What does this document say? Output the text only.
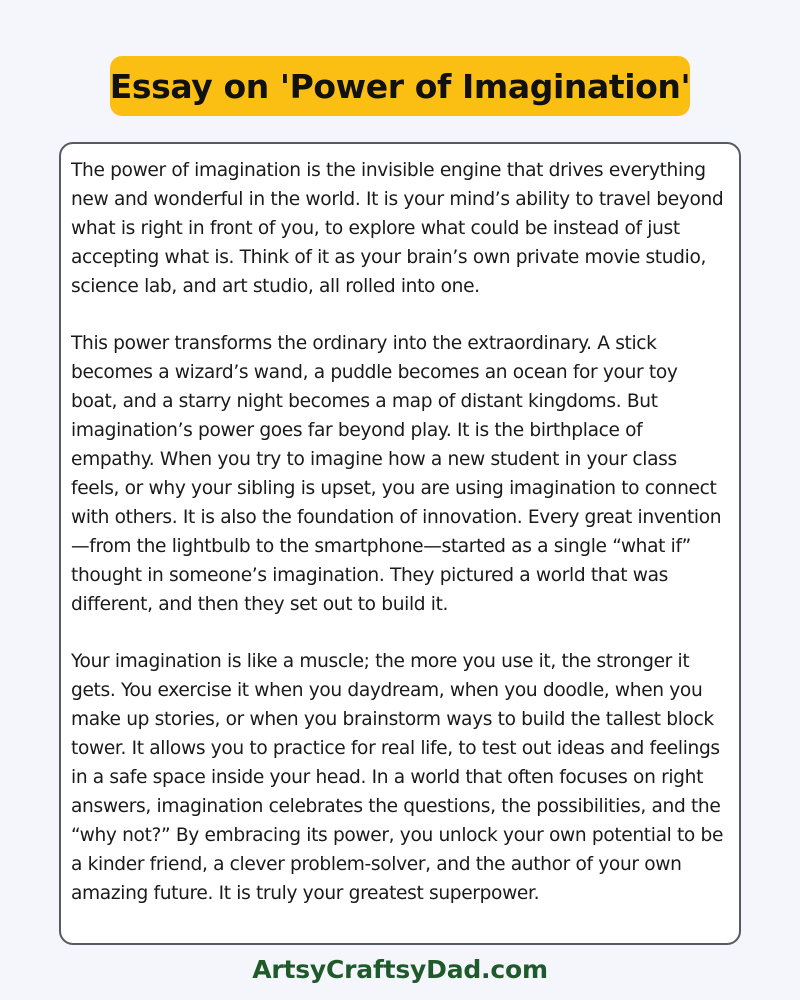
Essay on 'Power of Imagination'

The power of imagination is the invisible engine that drives everything new and wonderful in the world. It is your mind’s ability to travel beyond what is right in front of you, to explore what could be instead of just accepting what is. Think of it as your brain’s own private movie studio, science lab, and art studio, all rolled into one.

This power transforms the ordinary into the extraordinary. A stick becomes a wizard’s wand, a puddle becomes an ocean for your toy boat, and a starry night becomes a map of distant kingdoms. But imagination’s power goes far beyond play. It is the birthplace of empathy. When you try to imagine how a new student in your class feels, or why your sibling is upset, you are using imagination to connect with others. It is also the foundation of innovation. Every great invention—from the lightbulb to the smartphone—started as a single “what if” thought in someone’s imagination. They pictured a world that was different, and then they set out to build it.

Your imagination is like a muscle; the more you use it, the stronger it gets. You exercise it when you daydream, when you doodle, when you make up stories, or when you brainstorm ways to build the tallest block tower. It allows you to practice for real life, to test out ideas and feelings in a safe space inside your head. In a world that often focuses on right answers, imagination celebrates the questions, the possibilities, and the “why not?” By embracing its power, you unlock your own potential to be a kinder friend, a clever problem-solver, and the author of your own amazing future. It is truly your greatest superpower.

ArtsyCraftsyDad.com
